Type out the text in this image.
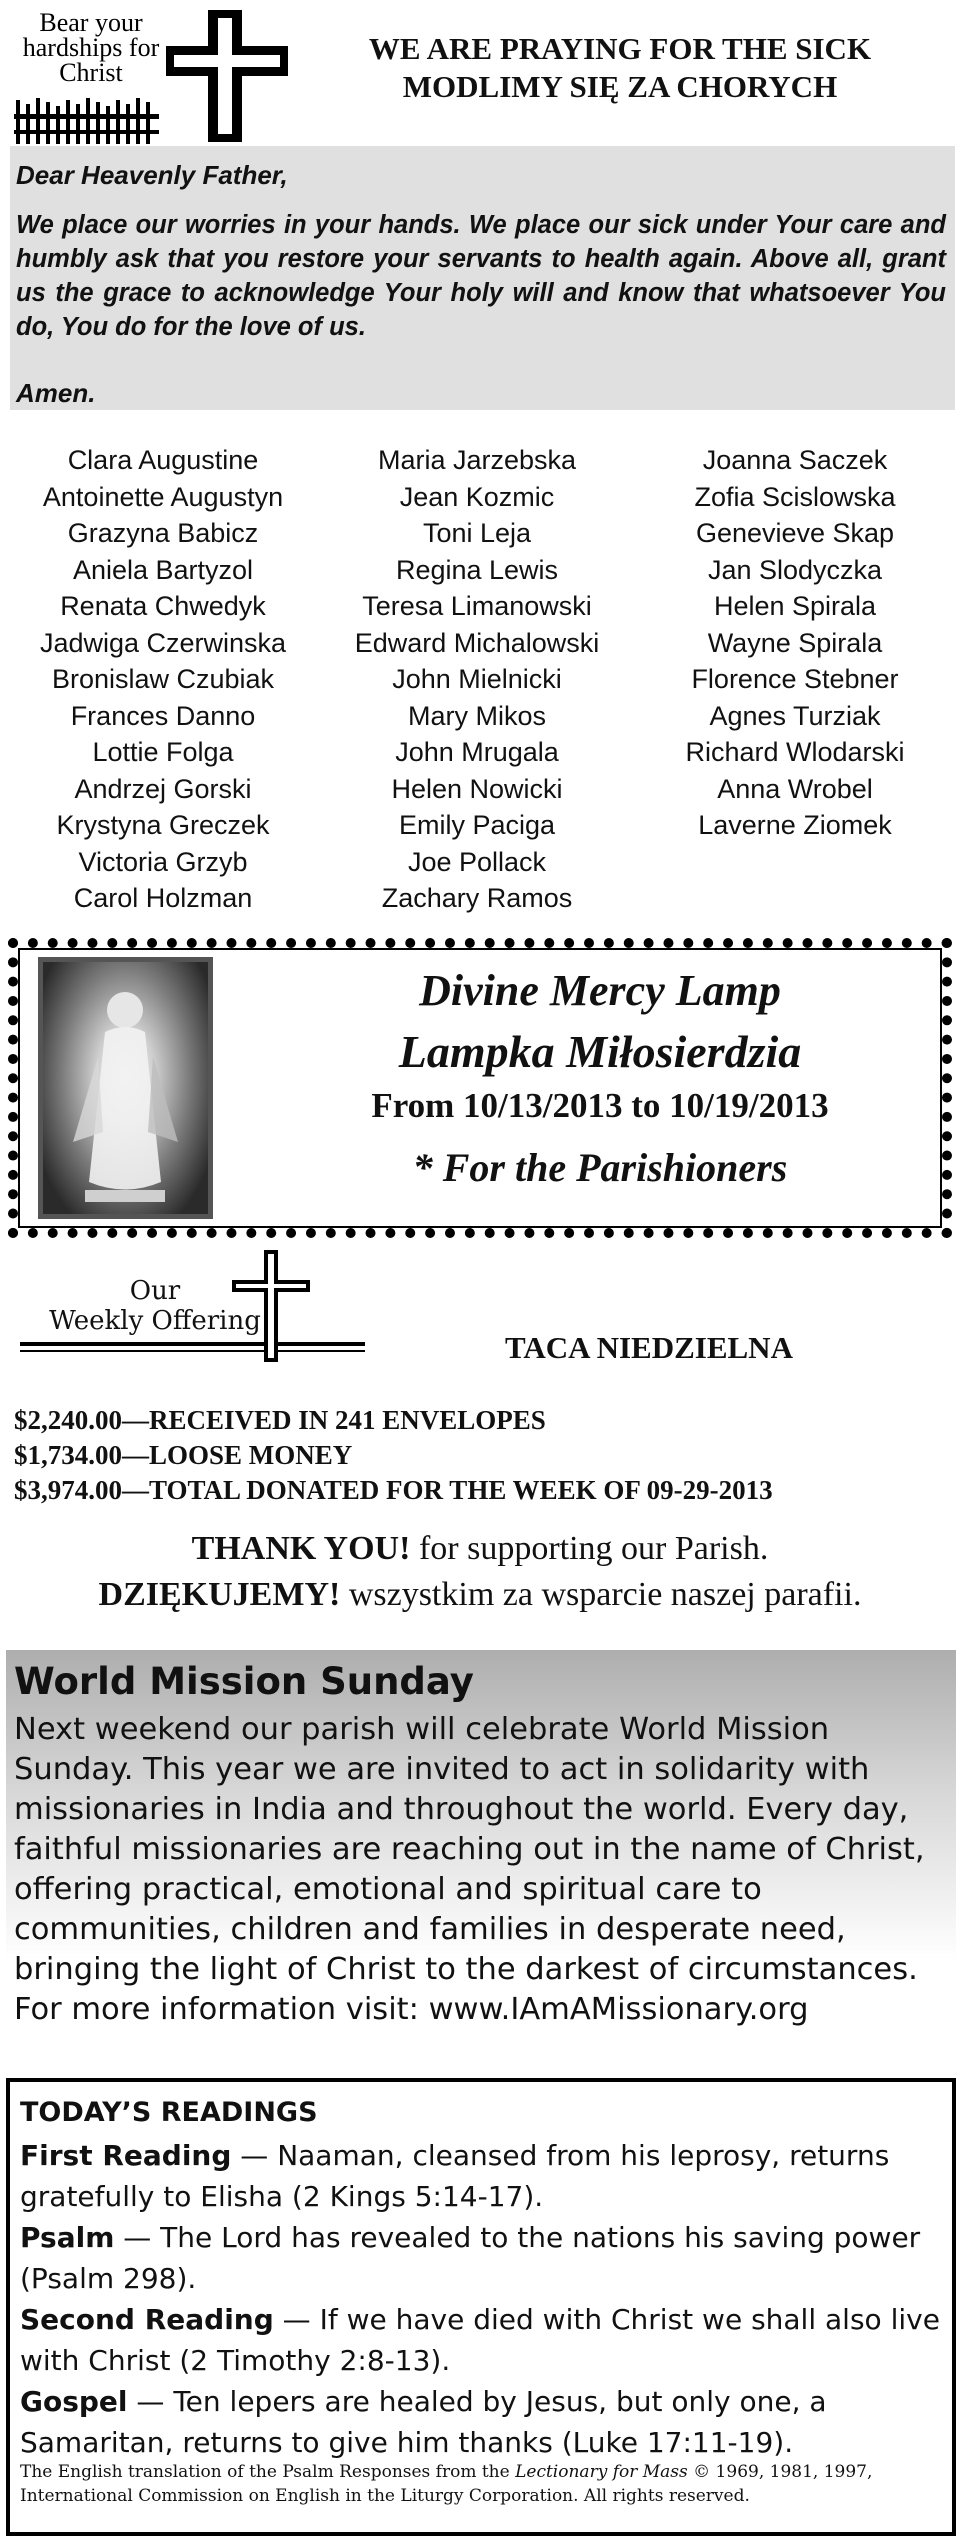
Bear your hardships for Christ
WE ARE PRAYING FOR THE SICK
MODLIMY SIĘ ZA CHORYCH
Dear Heavenly Father,
We place our worries in your hands. We place our sick under Your care and humbly ask that you restore your servants to health again. Above all, grant us the grace to acknowledge Your holy will and know that whatsoever You do, You do for the love of us.
Amen.
Clara Augustine
Antoinette Augustyn
Grazyna Babicz
Aniela Bartyzol
Renata Chwedyk
Jadwiga Czerwinska
Bronislaw Czubiak
Frances Danno
Lottie Folga
Andrzej Gorski
Krystyna Greczek
Victoria Grzyb
Carol Holzman
Maria Jarzebska
Jean Kozmic
Toni Leja
Regina Lewis
Teresa Limanowski
Edward Michalowski
John Mielnicki
Mary Mikos
John Mrugala
Helen Nowicki
Emily Paciga
Joe Pollack
Zachary Ramos
Joanna Saczek
Zofia Scislowska
Genevieve Skap
Jan Slodyczka
Helen Spirala
Wayne Spirala
Florence Stebner
Agnes Turziak
Richard Wlodarski
Anna Wrobel
Laverne Ziomek
Divine Mercy Lamp
Lampka Miłosierdzia
From 10/13/2013 to 10/19/2013
* For the Parishioners
Our
Weekly Offering
TACA NIEDZIELNA
$2,240.00—RECEIVED IN 241 ENVELOPES
$1,734.00—LOOSE MONEY
$3,974.00—TOTAL DONATED FOR THE WEEK OF 09-29-2013
THANK YOU! for supporting our Parish.
DZIĘKUJEMY! wszystkim za wsparcie naszej parafii.
World Mission Sunday
Next weekend our parish will celebrate World Mission Sunday. This year we are invited to act in solidarity with missionaries in India and throughout the world. Every day, faithful missionaries are reaching out in the name of Christ, offering practical, emotional and spiritual care to communities, children and families in desperate need, bringing the light of Christ to the darkest of circumstances. For more information visit: www.IAmAMissionary.org
TODAY’S READINGS
First Reading — Naaman, cleansed from his leprosy, returns gratefully to Elisha (2 Kings 5:14-17).
Psalm — The Lord has revealed to the nations his saving power (Psalm 298).
Second Reading — If we have died with Christ we shall also live with Christ (2 Timothy 2:8-13).
Gospel — Ten lepers are healed by Jesus, but only one, a Samaritan, returns to give him thanks (Luke 17:11-19).
The English translation of the Psalm Responses from the Lectionary for Mass © 1969, 1981, 1997, International Commission on English in the Liturgy Corporation. All rights reserved.
